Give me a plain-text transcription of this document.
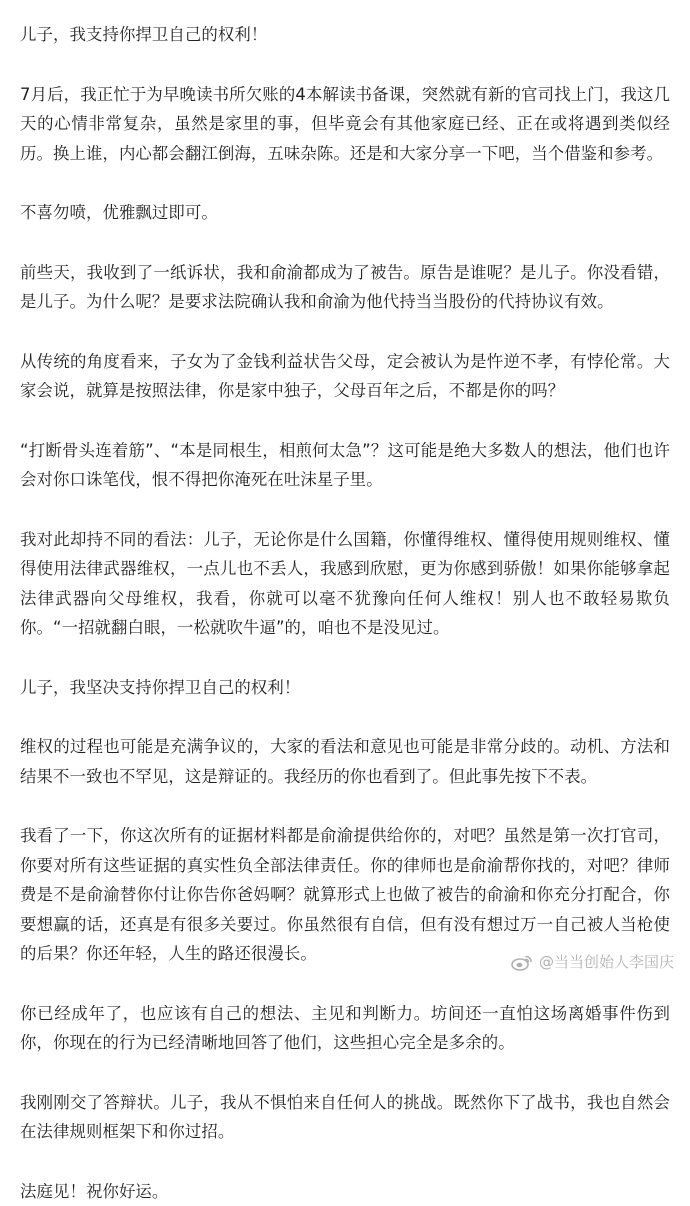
儿子，我支持你捍卫自己的权利！

7月后，我正忙于为早晚读书所欠账的4本解读书备课，突然就有新的官司找上门，我这几天的心情非常复杂，虽然是家里的事，但毕竟会有其他家庭已经、正在或将遇到类似经历。换上谁，内心都会翻江倒海，五味杂陈。还是和大家分享一下吧，当个借鉴和参考。

不喜勿喷，优雅飘过即可。

前些天，我收到了一纸诉状，我和俞渝都成为了被告。原告是谁呢？是儿子。你没看错，是儿子。为什么呢？是要求法院确认我和俞渝为他代持当当股份的代持协议有效。

从传统的角度看来，子女为了金钱利益状告父母，定会被认为是忤逆不孝，有悖伦常。大家会说，就算是按照法律，你是家中独子，父母百年之后，不都是你的吗？

“打断骨头连着筋”、“本是同根生，相煎何太急”？这可能是绝大多数人的想法，他们也许会对你口诛笔伐，恨不得把你淹死在吐沫星子里。

我对此却持不同的看法：儿子，无论你是什么国籍，你懂得维权、懂得使用规则维权、懂得使用法律武器维权，一点儿也不丢人，我感到欣慰，更为你感到骄傲！如果你能够拿起法律武器向父母维权，我看，你就可以毫不犹豫向任何人维权！别人也不敢轻易欺负你。“一招就翻白眼，一松就吹牛逼”的，咱也不是没见过。

儿子，我坚决支持你捍卫自己的权利！

维权的过程也可能是充满争议的，大家的看法和意见也可能是非常分歧的。动机、方法和结果不一致也不罕见，这是辩证的。我经历的你也看到了。但此事先按下不表。

我看了一下，你这次所有的证据材料都是俞渝提供给你的，对吧？虽然是第一次打官司，你要对所有这些证据的真实性负全部法律责任。你的律师也是俞渝帮你找的，对吧？律师费是不是俞渝替你付让你告你爸妈啊？就算形式上也做了被告的俞渝和你充分打配合，你要想赢的话，还真是有很多关要过。你虽然很有自信，但有没有想过万一自己被人当枪使的后果？你还年轻，人生的路还很漫长。

你已经成年了，也应该有自己的想法、主见和判断力。坊间还一直怕这场离婚事件伤到你，你现在的行为已经清晰地回答了他们，这些担心完全是多余的。

我刚刚交了答辩状。儿子，我从不惧怕来自任何人的挑战。既然你下了战书，我也自然会在法律规则框架下和你过招。

法庭见！祝你好运。

@当当创始人李国庆
